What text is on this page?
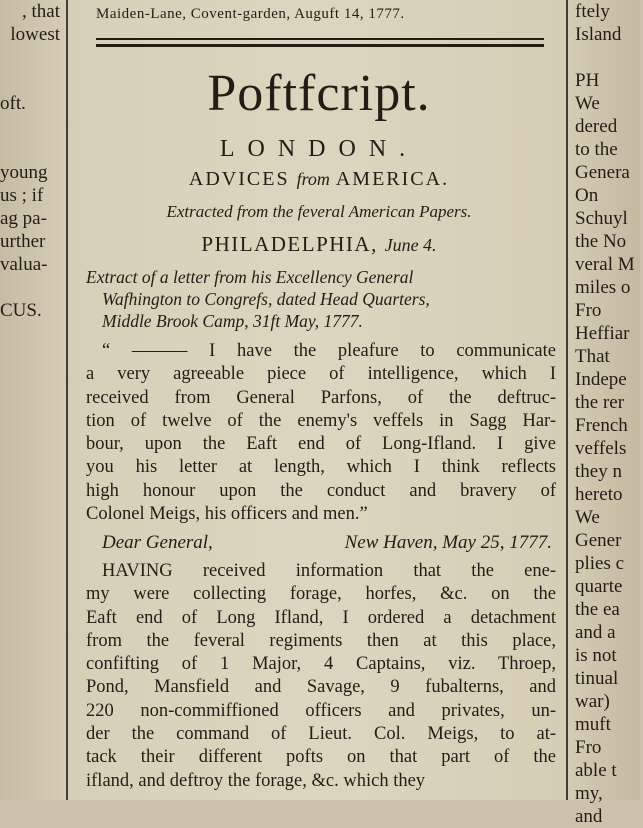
, that
lowest

oft.

young
us ; if
ag pa-
urther
valua-

CUS.
Maiden-Lane, Covent-garden, Auguft 14, 1777.
Poftfcript.
LONDON.
ADVICES from AMERICA.
Extracted from the feveral American Papers.
PHILADELPHIA, June 4.
Extract of a letter from his Excellency General
Wafhington to Congrefs, dated Head Quarters,
Middle Brook Camp, 31ft May, 1777.
“ ——— I have the pleafure to communicate
a very agreeable piece of intelligence, which I
received from General Parfons, of the deftruc-
tion of twelve of the enemy's veffels in Sagg Har-
bour, upon the Eaft end of Long-Ifland. I give
you his letter at length, which I think reflects
high honour upon the conduct and bravery of
Colonel Meigs, his officers and men.”
Dear General,	New Haven, May 25, 1777.
HAVING received information that the ene-
my were collecting forage, horfes, &c. on the
Eaft end of Long Ifland, I ordered a detachment
from the feveral regiments then at this place,
confifting of 1 Major, 4 Captains, viz. Throep,
Pond, Mansfield and Savage, 9 fubalterns, and
220 non-commiffioned officers and privates, un-
der the command of Lieut. Col. Meigs, to at-
tack their different pofts on that part of the
ifland, and deftroy the forage, &c. which they
ftely
Island

PH
We
dered
to the
Genera
On
Schuyl
the No
veral M
miles o
Fro
Heffiar
That
Indepe
the rer
French
veffels
they n
hereto
We
Gener
plies c
quarte
the ea
and a
is not
tinual
war)
muft
Fro
able t
my,
and
